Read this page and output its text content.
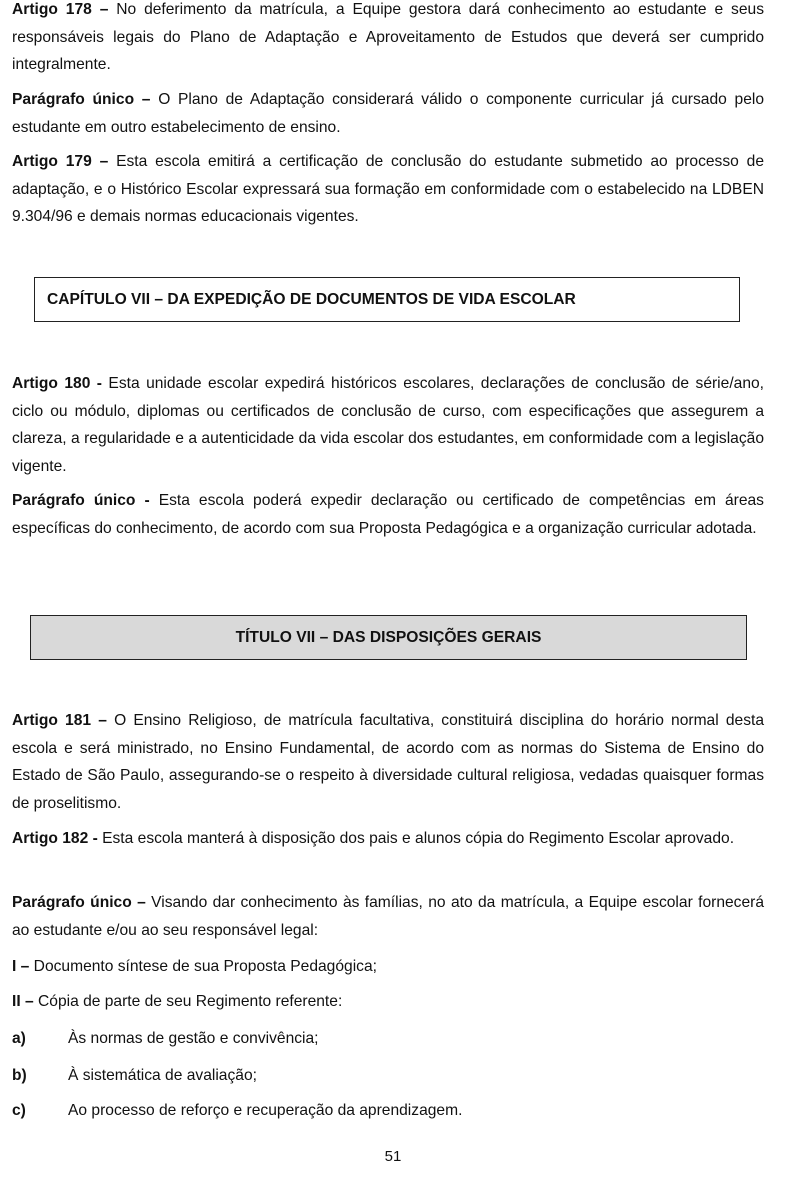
Artigo 178 – No deferimento da matrícula, a Equipe gestora dará conhecimento ao estudante e seus responsáveis legais do Plano de Adaptação e Aproveitamento de Estudos que deverá ser cumprido integralmente.

Parágrafo único – O Plano de Adaptação considerará válido o componente curricular já cursado pelo estudante em outro estabelecimento de ensino.

Artigo 179 – Esta escola emitirá a certificação de conclusão do estudante submetido ao processo de adaptação, e o Histórico Escolar expressará sua formação em conformidade com o estabelecido na LDBEN 9.304/96 e demais normas educacionais vigentes.

CAPÍTULO VII – DA EXPEDIÇÃO DE DOCUMENTOS DE VIDA ESCOLAR

Artigo 180 - Esta unidade escolar expedirá históricos escolares, declarações de conclusão de série/ano, ciclo ou módulo, diplomas ou certificados de conclusão de curso, com especificações que assegurem a clareza, a regularidade e a autenticidade da vida escolar dos estudantes, em conformidade com a legislação vigente.

Parágrafo único - Esta escola poderá expedir declaração ou certificado de competências em áreas específicas do conhecimento, de acordo com sua Proposta Pedagógica e a organização curricular adotada.

TÍTULO VII – DAS DISPOSIÇÕES GERAIS

Artigo 181 – O Ensino Religioso, de matrícula facultativa, constituirá disciplina do horário normal desta escola e será ministrado, no Ensino Fundamental, de acordo com as normas do Sistema de Ensino do Estado de São Paulo, assegurando-se o respeito à diversidade cultural religiosa, vedadas quaisquer formas de proselitismo.

Artigo 182 - Esta escola manterá à disposição dos pais e alunos cópia do Regimento Escolar aprovado.

Parágrafo único – Visando dar conhecimento às famílias, no ato da matrícula, a Equipe escolar fornecerá ao estudante e/ou ao seu responsável legal:

I – Documento síntese de sua Proposta Pedagógica;

II – Cópia de parte de seu Regimento referente:

a)	Às normas de gestão e convivência;
b)	À sistemática de avaliação;
c)	Ao processo de reforço e recuperação da aprendizagem.
51
